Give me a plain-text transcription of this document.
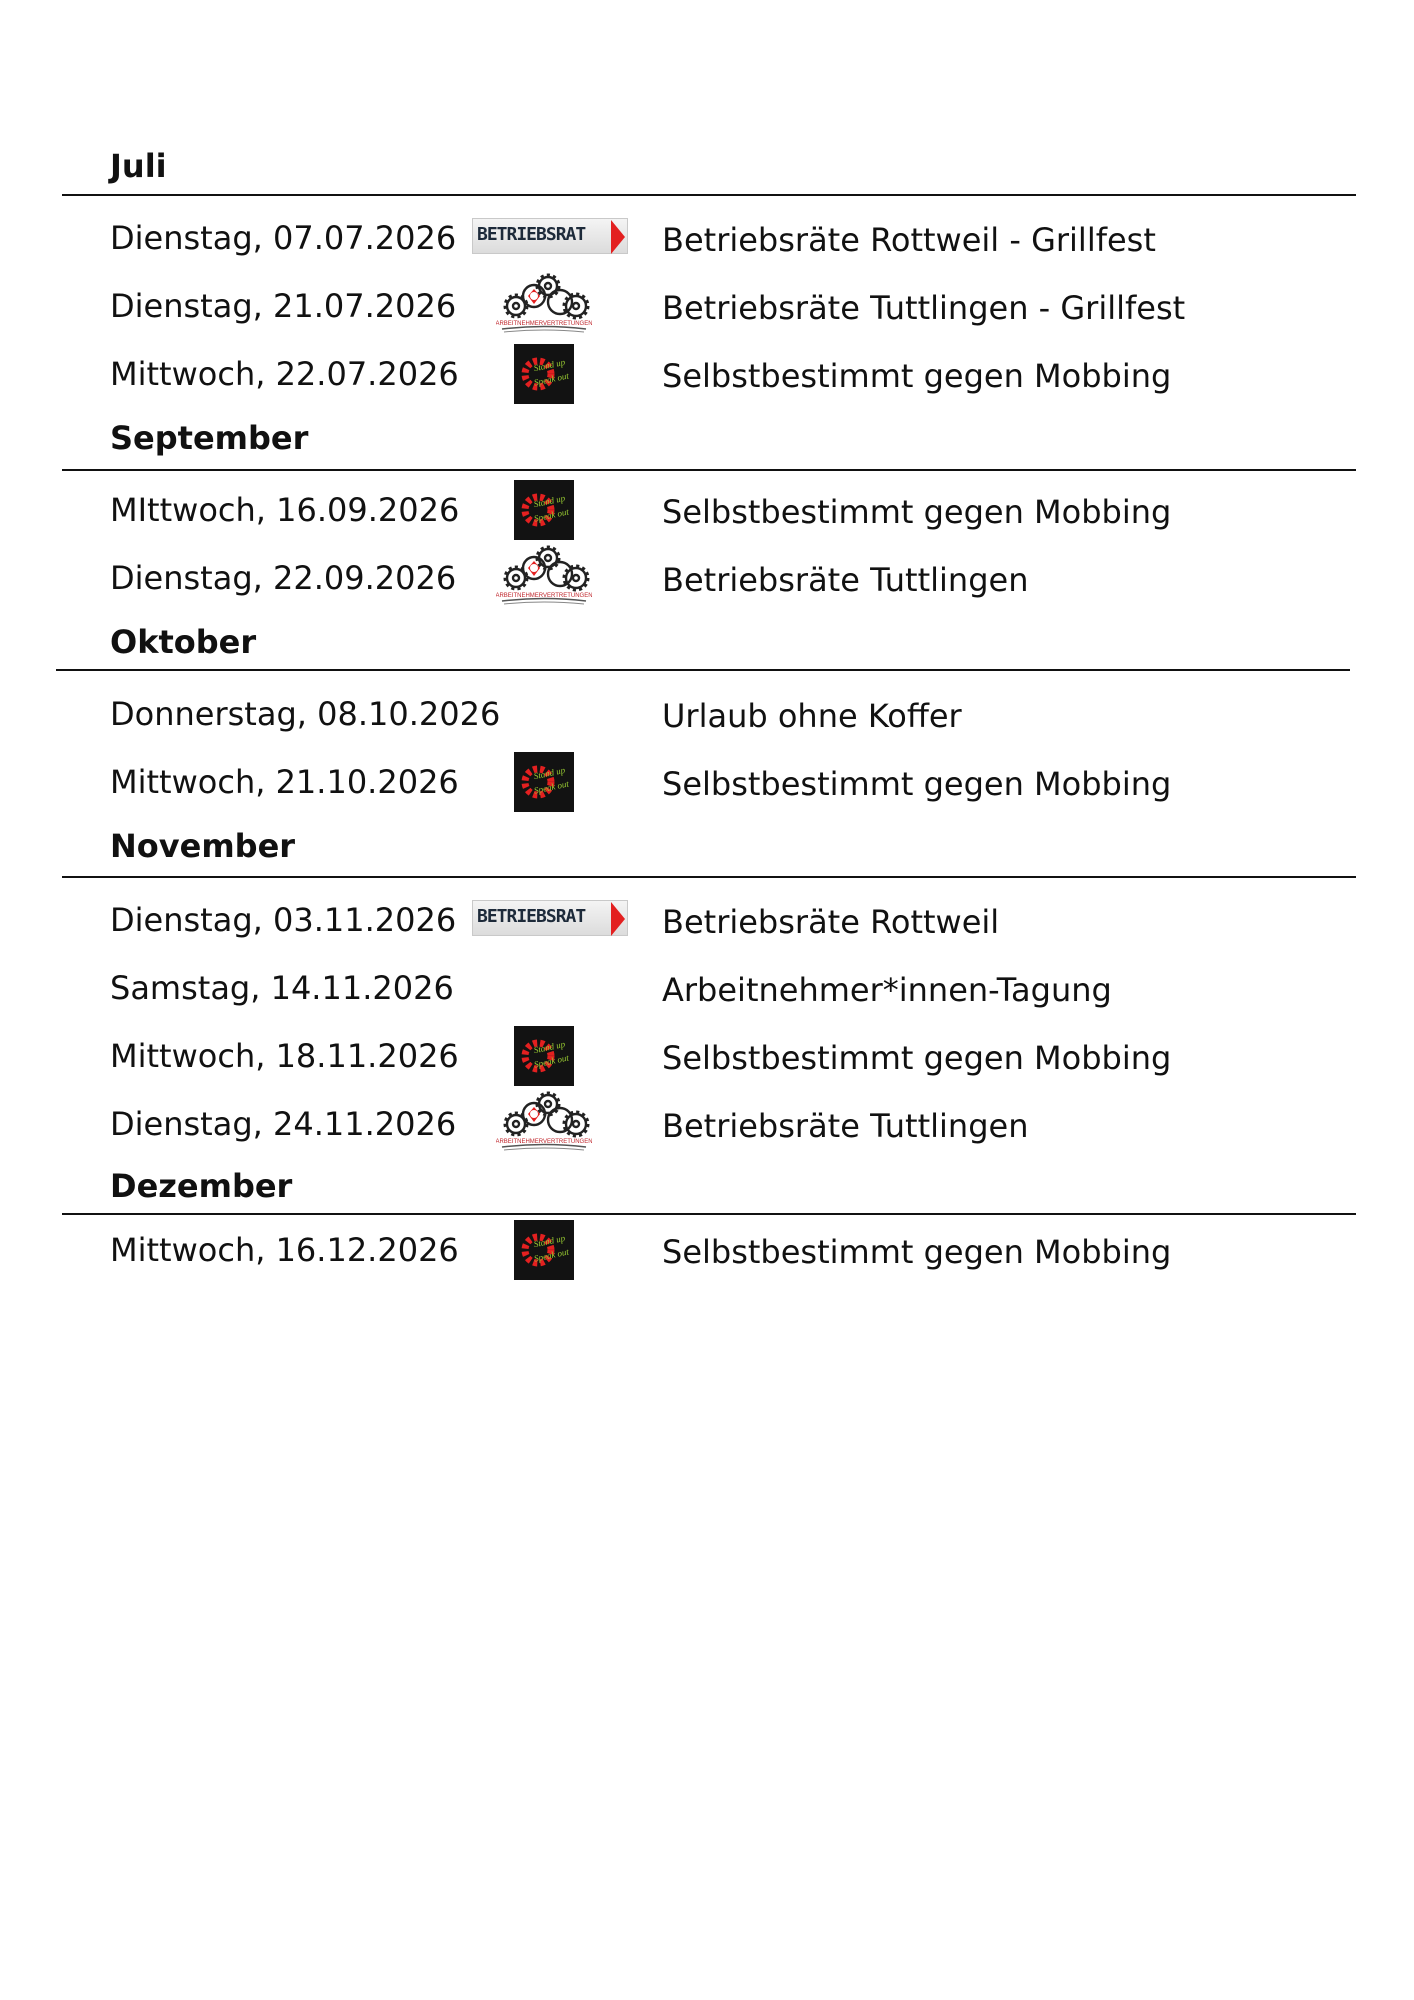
Juli
Dienstag, 07.07.2026 BETRIEBSRAT Betriebsräte Rottweil - Grillfest
Dienstag, 21.07.2026	Betriebsräte Tuttlingen - Grillfest
Mittwoch, 22.07.2026	Selbstbestimmt gegen Mobbing
September
MIttwoch, 16.09.2026	Selbstbestimmt gegen Mobbing
Dienstag, 22.09.2026	Betriebsräte Tuttlingen
Oktober
Donnerstag, 08.10.2026	Urlaub ohne Koffer
Mittwoch, 21.10.2026	Selbstbestimmt gegen Mobbing
November
Dienstag, 03.11.2026 BETRIEBSRAT Betriebsräte Rottweil
Samstag, 14.11.2026	Arbeitnehmer*innen-Tagung
Mittwoch, 18.11.2026	Selbstbestimmt gegen Mobbing
Dienstag, 24.11.2026	Betriebsräte Tuttlingen
Dezember
Mittwoch, 16.12.2026	Selbstbestimmt gegen Mobbing
